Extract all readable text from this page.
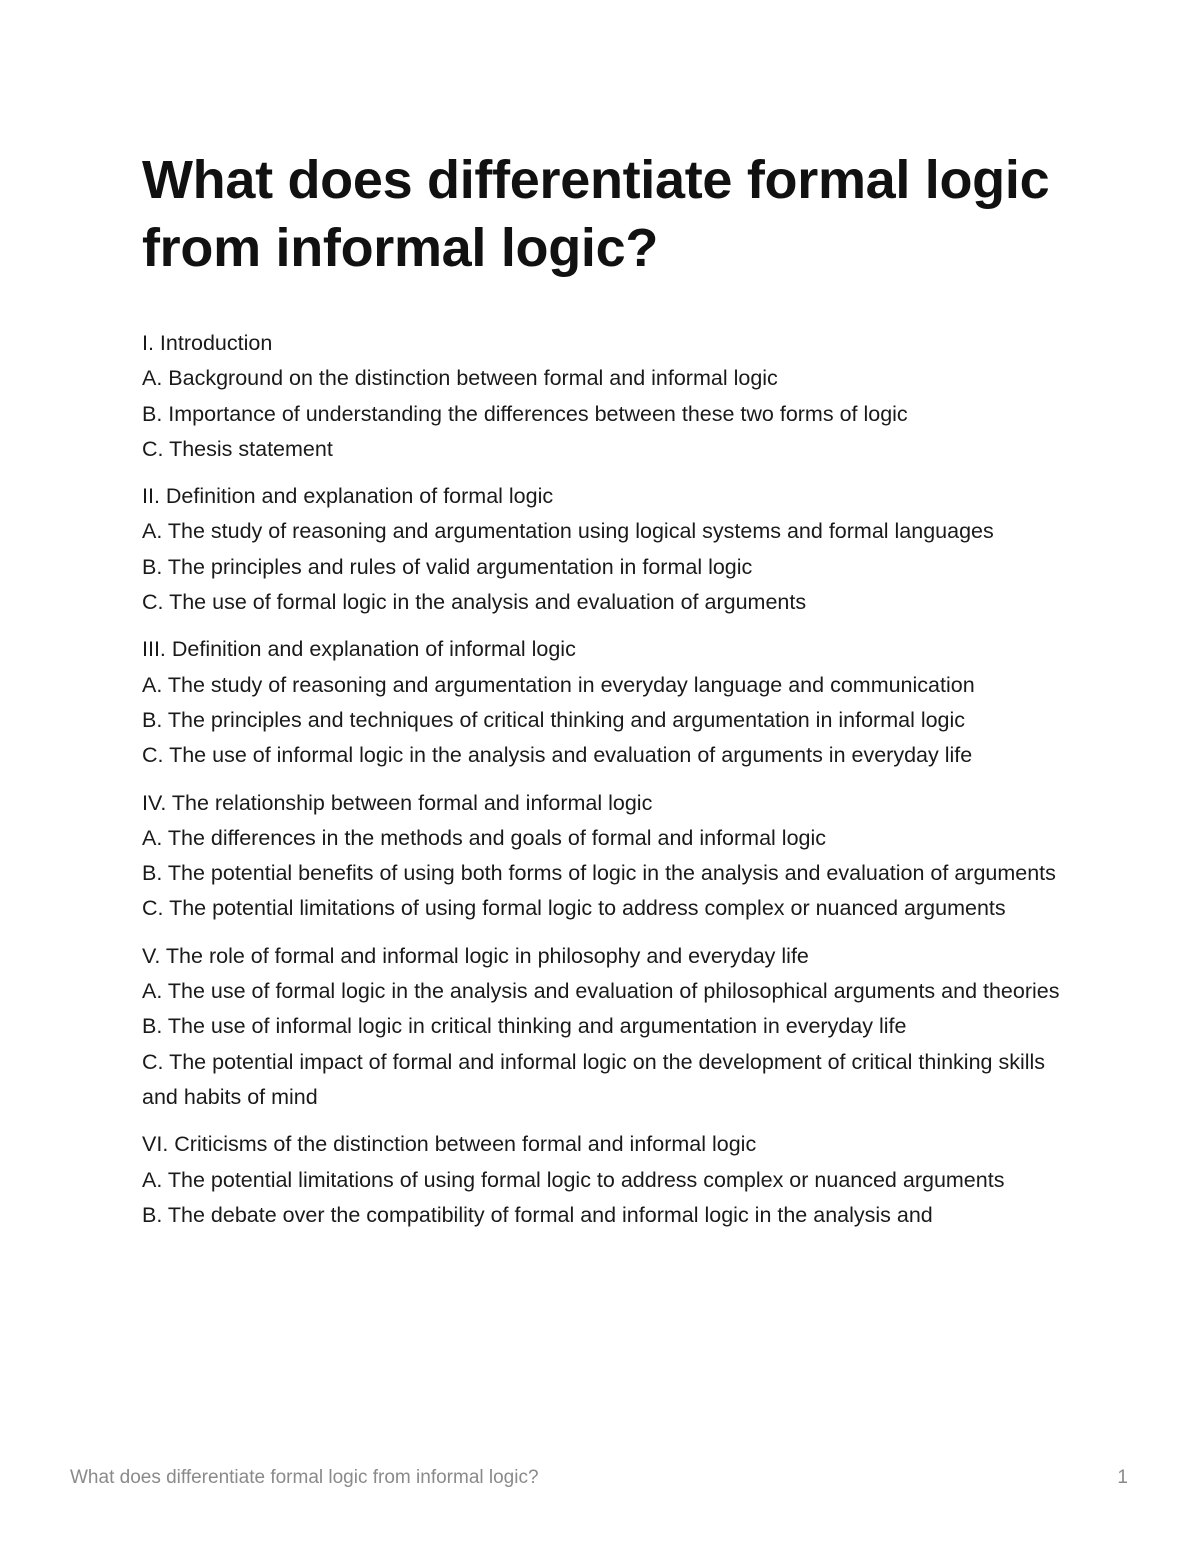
What does differentiate formal logic from informal logic?

I. Introduction

A. Background on the distinction between formal and informal logic

B. Importance of understanding the differences between these two forms of logic

C. Thesis statement

II. Definition and explanation of formal logic

A. The study of reasoning and argumentation using logical systems and formal languages

B. The principles and rules of valid argumentation in formal logic

C. The use of formal logic in the analysis and evaluation of arguments

III. Definition and explanation of informal logic

A. The study of reasoning and argumentation in everyday language and communication

B. The principles and techniques of critical thinking and argumentation in informal logic

C. The use of informal logic in the analysis and evaluation of arguments in everyday life

IV. The relationship between formal and informal logic

A. The differences in the methods and goals of formal and informal logic

B. The potential benefits of using both forms of logic in the analysis and evaluation of arguments

C. The potential limitations of using formal logic to address complex or nuanced arguments

V. The role of formal and informal logic in philosophy and everyday life

A. The use of formal logic in the analysis and evaluation of philosophical arguments and theories

B. The use of informal logic in critical thinking and argumentation in everyday life

C. The potential impact of formal and informal logic on the development of critical thinking skills and habits of mind

VI. Criticisms of the distinction between formal and informal logic

A. The potential limitations of using formal logic to address complex or nuanced arguments

B. The debate over the compatibility of formal and informal logic in the analysis and

What does differentiate formal logic from informal logic?	1
